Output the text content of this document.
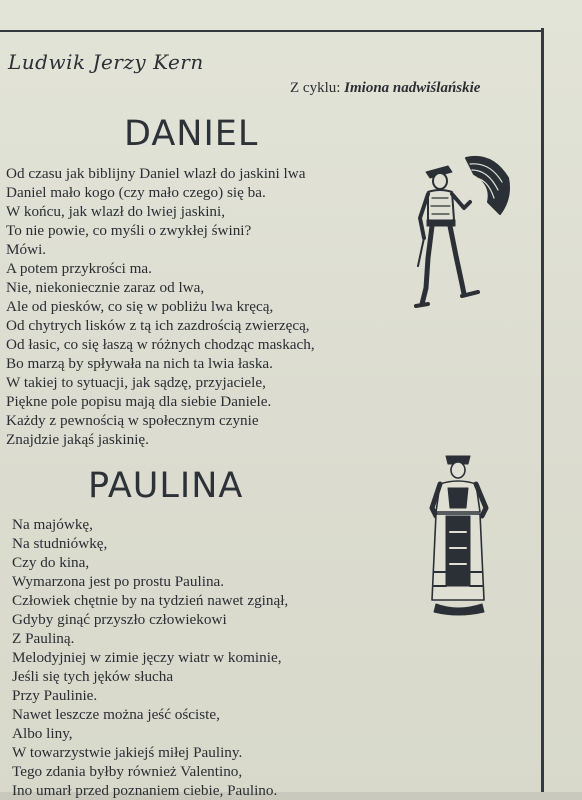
Ludwik Jerzy Kern
Z cyklu: Imiona nadwiślańskie
DANIEL
Od czasu jak biblijny Daniel wlazł do jaskini lwa
Daniel mało kogo (czy mało czego) się ba.
W końcu, jak wlazł do lwiej jaskini,
To nie powie, co myśli o zwykłej świni?
Mówi.
A potem przykrości ma.
Nie, niekoniecznie zaraz od lwa,
Ale od piesków, co się w pobliżu lwa kręcą,
Od chytrych lisków z tą ich zazdrością zwierzęcą,
Od łasic, co się łaszą w różnych chodząc maskach,
Bo marzą by spływała na nich ta lwia łaska.
W takiej to sytuacji, jak sądzę, przyjaciele,
Piękne pole popisu mają dla siebie Daniele.
Każdy z pewnością w społecznym czynie
Znajdzie jakąś jaskinię.
PAULINA
Na majówkę,
Na studniówkę,
Czy do kina,
Wymarzona jest po prostu Paulina.
Człowiek chętnie by na tydzień nawet zginął,
Gdyby ginąć przyszło człowiekowi
Z Pauliną.
Melodyjniej w zimie jęczy wiatr w kominie,
Jeśli się tych jęków słucha
Przy Paulinie.
Nawet leszcze można jeść ościste,
Albo liny,
W towarzystwie jakiejś miłej Pauliny.
Tego zdania byłby również Valentino,
Ino umarł przed poznaniem ciebie, Paulino.
